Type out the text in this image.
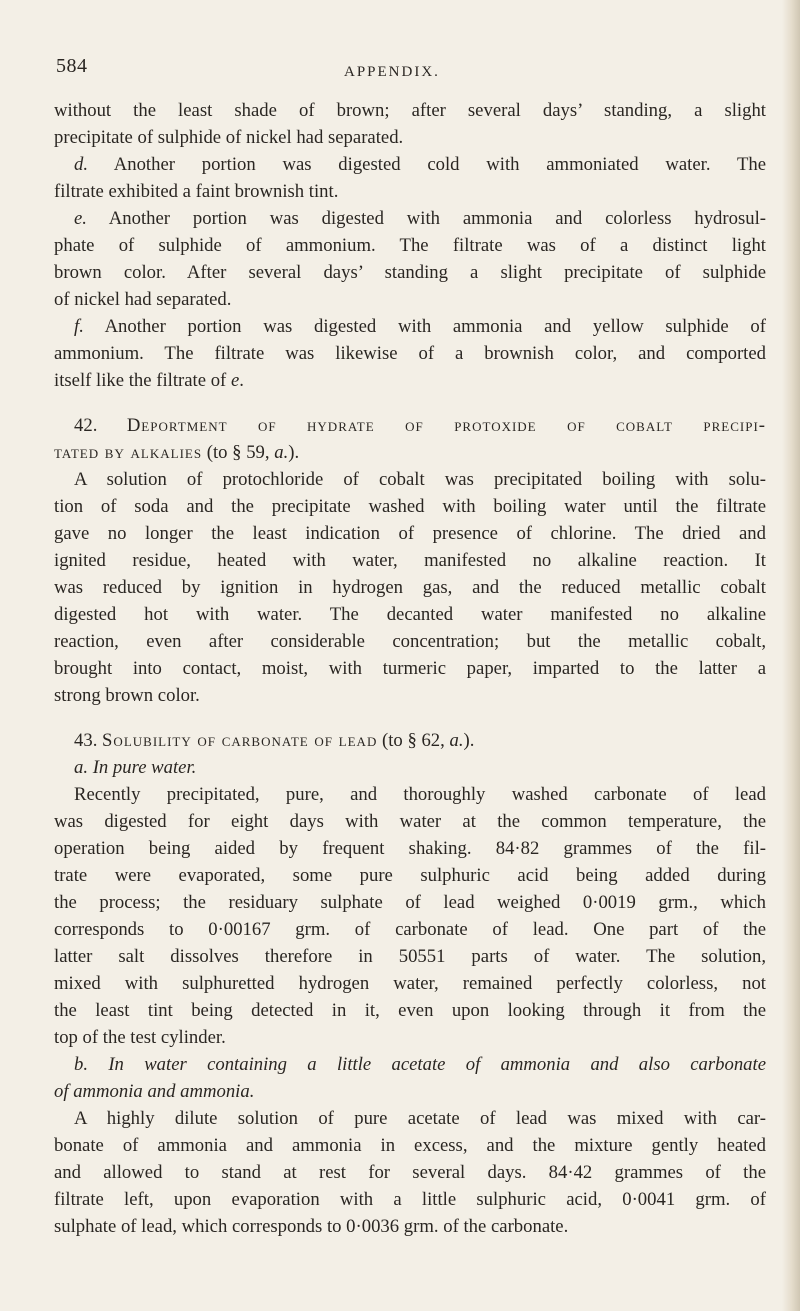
584	APPENDIX.
without the least shade of brown; after several days’ standing, a slight
precipitate of sulphide of nickel had separated.
d. Another portion was digested cold with ammoniated water. The
filtrate exhibited a faint brownish tint.
e. Another portion was digested with ammonia and colorless hydrosul-
phate of sulphide of ammonium. The filtrate was of a distinct light
brown color. After several days’ standing a slight precipitate of sulphide
of nickel had separated.
f. Another portion was digested with ammonia and yellow sulphide of
ammonium. The filtrate was likewise of a brownish color, and comported
itself like the filtrate of e.
42. Deportment of hydrate of protoxide of cobalt precipi-
tated by alkalies (to § 59, a.).
A solution of protochloride of cobalt was precipitated boiling with solu-
tion of soda and the precipitate washed with boiling water until the filtrate
gave no longer the least indication of presence of chlorine. The dried and
ignited residue, heated with water, manifested no alkaline reaction. It
was reduced by ignition in hydrogen gas, and the reduced metallic cobalt
digested hot with water. The decanted water manifested no alkaline
reaction, even after considerable concentration; but the metallic cobalt,
brought into contact, moist, with turmeric paper, imparted to the latter a
strong brown color.
43. Solubility of carbonate of lead (to § 62, a.).
a. In pure water.
Recently precipitated, pure, and thoroughly washed carbonate of lead
was digested for eight days with water at the common temperature, the
operation being aided by frequent shaking. 84·82 grammes of the fil-
trate were evaporated, some pure sulphuric acid being added during
the process; the residuary sulphate of lead weighed 0·0019 grm., which
corresponds to 0·00167 grm. of carbonate of lead. One part of the
latter salt dissolves therefore in 50551 parts of water. The solution,
mixed with sulphuretted hydrogen water, remained perfectly colorless, not
the least tint being detected in it, even upon looking through it from the
top of the test cylinder.
b. In water containing a little acetate of ammonia and also carbonate
of ammonia and ammonia.
A highly dilute solution of pure acetate of lead was mixed with car-
bonate of ammonia and ammonia in excess, and the mixture gently heated
and allowed to stand at rest for several days. 84·42 grammes of the
filtrate left, upon evaporation with a little sulphuric acid, 0·0041 grm. of
sulphate of lead, which corresponds to 0·0036 grm. of the carbonate.
